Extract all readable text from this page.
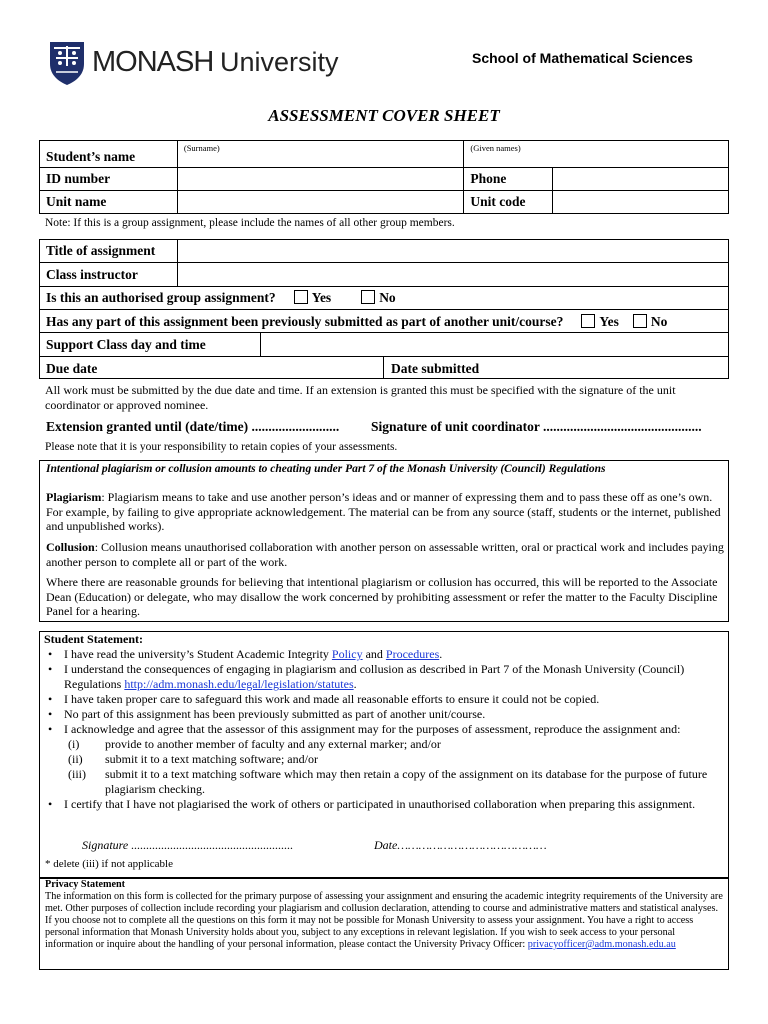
MONASH University	School of Mathematical Sciences
ASSESSMENT COVER SHEET
Student’s name	(Surname)	(Given names)	
ID number		Phone	
Unit name		Unit code	
Note: If this is a group assignment, please include the names of all other group members.
Title of assignment
Class instructor
Is this an authorised group assignment?	Yes	No
Has any part of this assignment been previously submitted as part of another unit/course?	Yes No
Support Class day and time
Due date	Date submitted
All work must be submitted by the due date and time. If an extension is granted this must be specified with the signature of the unit coordinator or approved nominee.
Extension granted until (date/time) .......................... Signature of unit coordinator ...............................................
Please note that it is your responsibility to retain copies of your assessments.
Intentional plagiarism or collusion amounts to cheating under Part 7 of the Monash University (Council) Regulations
Plagiarism: Plagiarism means to take and use another person’s ideas and or manner of expressing them and to pass these off as one’s own. For example, by failing to give appropriate acknowledgement. The material can be from any source (staff, students or the internet, published and unpublished works).
Collusion: Collusion means unauthorised collaboration with another person on assessable written, oral or practical work and includes paying another person to complete all or part of the work.
Where there are reasonable grounds for believing that intentional plagiarism or collusion has occurred, this will be reported to the Associate Dean (Education) or delegate, who may disallow the work concerned by prohibiting assessment or refer the matter to the Faculty Discipline Panel for a hearing.
Student Statement:
• I have read the university’s Student Academic Integrity Policy and Procedures.
• I understand the consequences of engaging in plagiarism and collusion as described in Part 7 of the Monash University (Council) Regulations http://adm.monash.edu/legal/legislation/statutes.
• I have taken proper care to safeguard this work and made all reasonable efforts to ensure it could not be copied.
• No part of this assignment has been previously submitted as part of another unit/course.
• I acknowledge and agree that the assessor of this assignment may for the purposes of assessment, reproduce the assignment and:
(i)	provide to another member of faculty and any external marker; and/or
(ii)	submit it to a text matching software; and/or
(iii)	submit it to a text matching software which may then retain a copy of the assignment on its database for the purpose of future plagiarism checking.
• I certify that I have not plagiarised the work of others or participated in unauthorised collaboration when preparing this assignment.
Signature ......................................................	Date……………………………………
* delete (iii) if not applicable
Privacy Statement
The information on this form is collected for the primary purpose of assessing your assignment and ensuring the academic integrity requirements of the University are met. Other purposes of collection include recording your plagiarism and collusion declaration, attending to course and administrative matters and statistical analyses. If you choose not to complete all the questions on this form it may not be possible for Monash University to assess your assignment. You have a right to access personal information that Monash University holds about you, subject to any exceptions in relevant legislation. If you wish to seek access to your personal information or inquire about the handling of your personal information, please contact the University Privacy Officer: privacyofficer@adm.monash.edu.au
